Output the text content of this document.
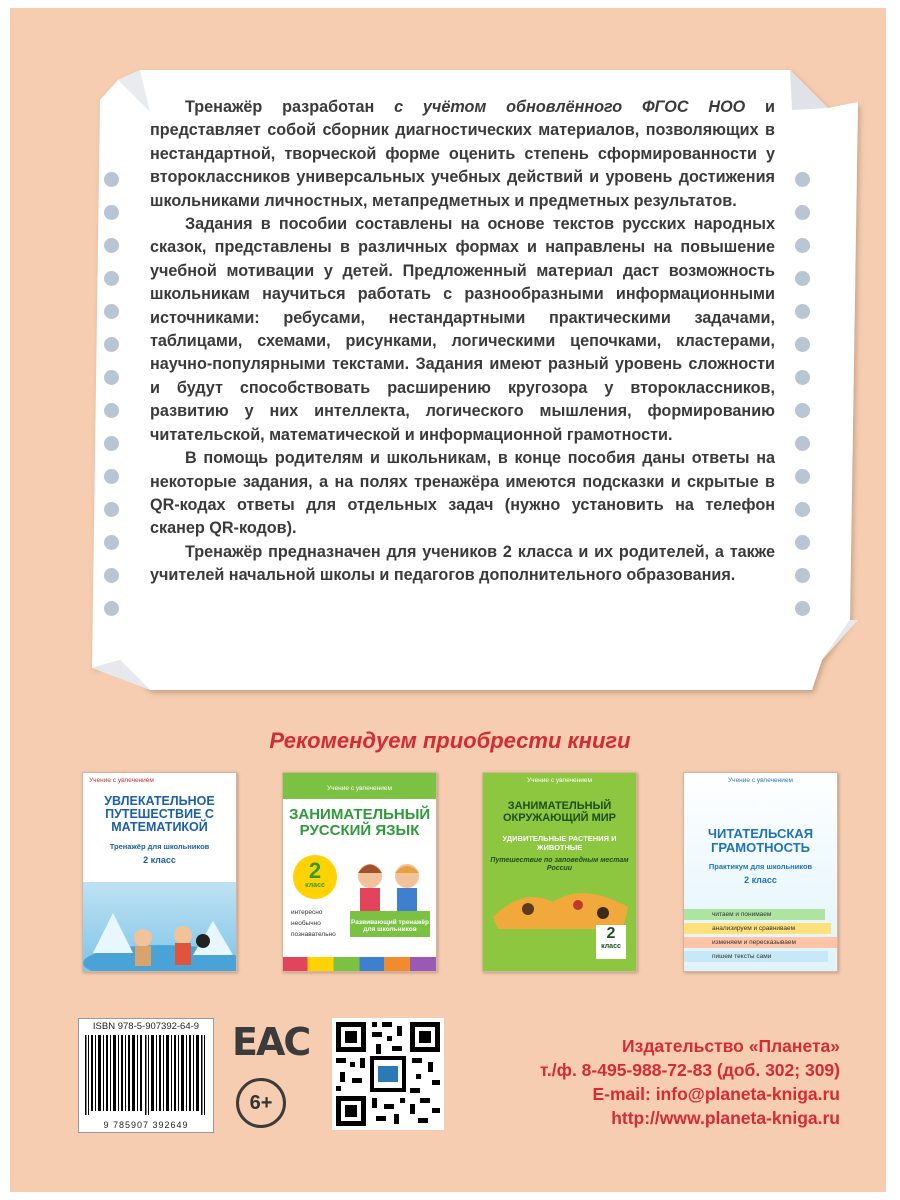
Тренажёр разработан с учётом обновлённого ФГОС НОО и представляет собой сборник диагностических материалов, позволяющих в нестандартной, творческой форме оценить степень сформированности у второклассников универсальных учебных действий и уровень достижения школьниками личностных, метапредметных и предметных результатов.

Задания в пособии составлены на основе текстов русских народных сказок, представлены в различных формах и направлены на повышение учебной мотивации у детей. Предложенный материал даст возможность школьникам научиться работать с разнообразными информационными источниками: ребусами, нестандартными практическими задачами, таблицами, схемами, рисунками, логическими цепочками, кластерами, научно-популярными текстами. Задания имеют разный уровень сложности и будут способствовать расширению кругозора у второклассников, развитию у них интеллекта, логического мышления, формированию читательской, математической и информационной грамотности.

В помощь родителям и школьникам, в конце пособия даны ответы на некоторые задания, а на полях тренажёра имеются подсказки и скрытые в QR-кодах ответы для отдельных задач (нужно установить на телефон сканер QR-кодов).

Тренажёр предназначен для учеников 2 класса и их родителей, а также учителей начальной школы и педагогов дополнительного образования.

Рекомендуем приобрести книги
Учение с увлечением
УВЛЕКАТЕЛЬНОЕ ПУТЕШЕСТВИЕ С МАТЕМАТИКОЙ
Тренажёр для школьников
2 класс
Учение с увлечением
ЗАНИМАТЕЛЬНЫЙ РУССКИЙ ЯЗЫК
2
класс
интересно
необычно
познавательно
Развивающий тренажёр для школьников
Учение с увлечением
ЗАНИМАТЕЛЬНЫЙ ОКРУЖАЮЩИЙ МИР
УДИВИТЕЛЬНЫЕ РАСТЕНИЯ И ЖИВОТНЫЕ
Путешествие по заповедным местам России
2
класс
Учение с увлечением
ЧИТАТЕЛЬСКАЯ ГРАМОТНОСТЬ
Практикум для школьников
2 класс
читаем и понимаем
анализируем и сравниваем
изменяем и пересказываем
пишем тексты сами
ISBN 978-5-907392-64-9
9 785907 392649
EAC
6+
Издательство «Планета»
т./ф. 8-495-988-72-83 (доб. 302; 309)
E-mail: info@planeta-kniga.ru
http://www.planeta-kniga.ru
